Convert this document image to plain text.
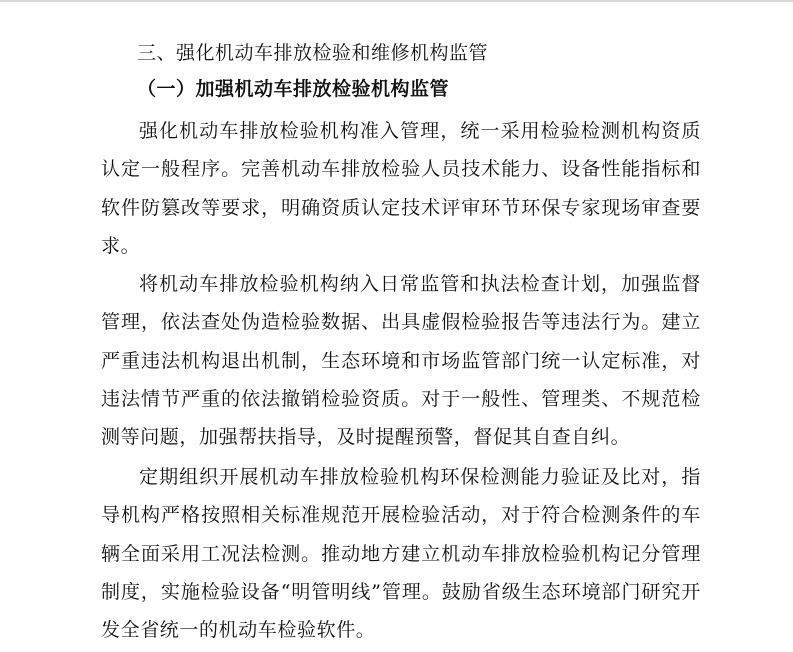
三、强化机动车排放检验和维修机构监管
（一）加强机动车排放检验机构监管

强化机动车排放检验机构准入管理，统一采用检验检测机构资质认定一般程序。完善机动车排放检验人员技术能力、设备性能指标和软件防篡改等要求，明确资质认定技术评审环节环保专家现场审查要求。

将机动车排放检验机构纳入日常监管和执法检查计划，加强监督管理，依法查处伪造检验数据、出具虚假检验报告等违法行为。建立严重违法机构退出机制，生态环境和市场监管部门统一认定标准，对违法情节严重的依法撤销检验资质。对于一般性、管理类、不规范检测等问题，加强帮扶指导，及时提醒预警，督促其自查自纠。

定期组织开展机动车排放检验机构环保检测能力验证及比对，指导机构严格按照相关标准规范开展检验活动，对于符合检测条件的车辆全面采用工况法检测。推动地方建立机动车排放检验机构记分管理制度，实施检验设备“明管明线”管理。鼓励省级生态环境部门研究开发全省统一的机动车检验软件。
